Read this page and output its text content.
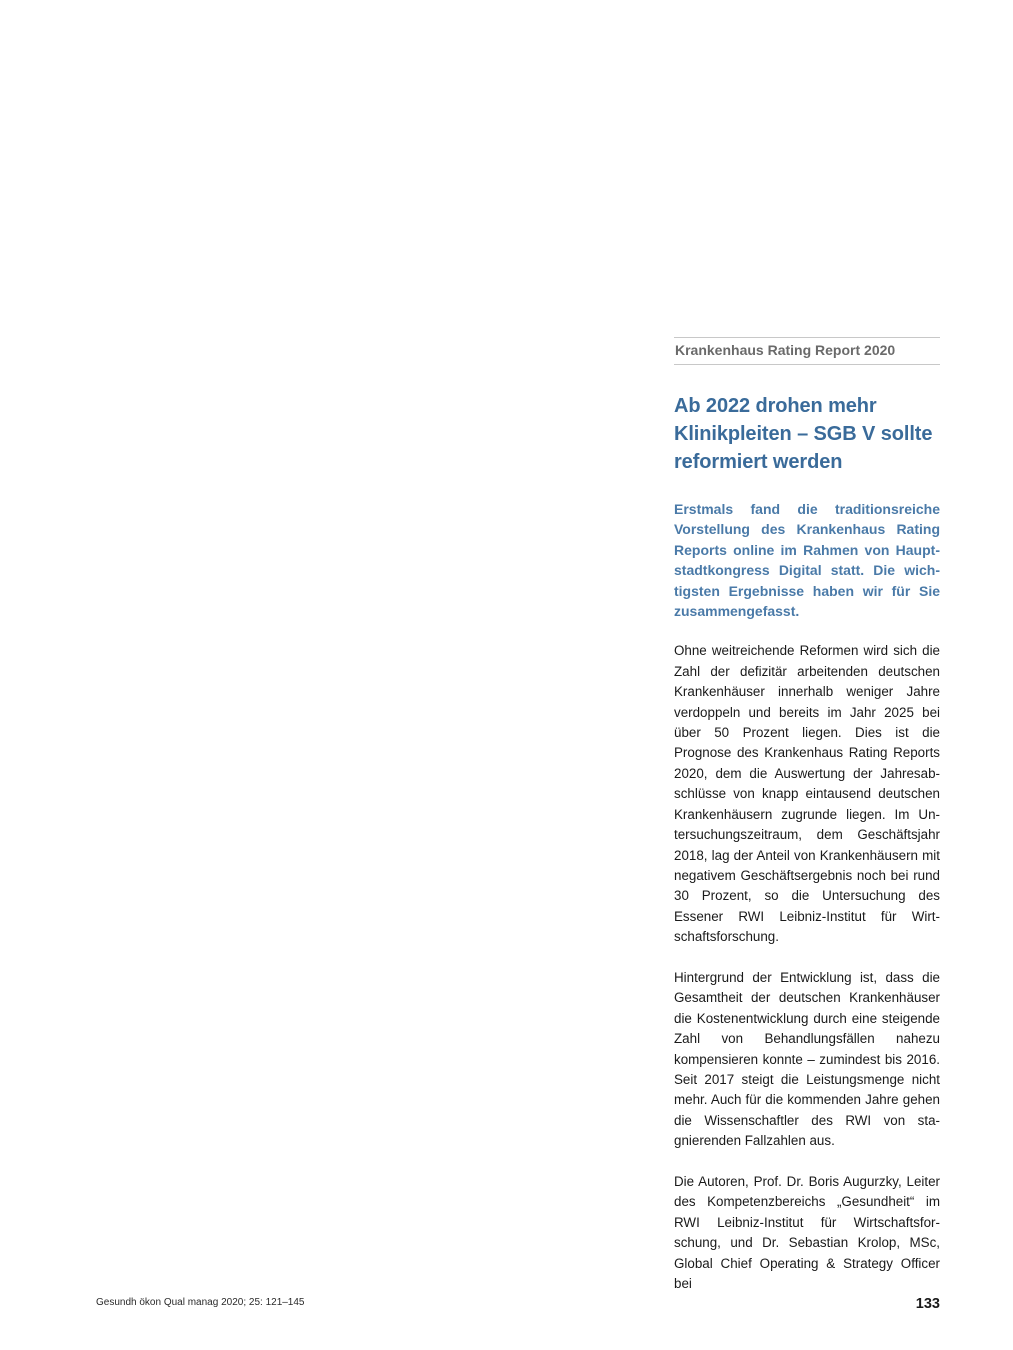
Krankenhaus Rating Report 2020
Ab 2022 drohen mehr Klinikpleiten – SGB V sollte reformiert werden
Erstmals fand die traditionsreiche Vorstellung des Krankenhaus Rating Reports online im Rahmen von Hauptstadtkongress Digital statt. Die wichtigsten Ergebnisse haben wir für Sie zusammengefasst.

Ohne weitreichende Reformen wird sich die Zahl der defizitär arbeitenden deutschen Krankenhäuser innerhalb weniger Jahre verdoppeln und bereits im Jahr 2025 bei über 50 Prozent liegen. Dies ist die Prognose des Krankenhaus Rating Reports 2020, dem die Auswertung der Jahresabschlüsse von knapp eintausend deutschen Krankenhäusern zugrunde liegen. Im Untersuchungszeitraum, dem Geschäftsjahr 2018, lag der Anteil von Krankenhäusern mit negativem Geschäftsergebnis noch bei rund 30 Prozent, so die Untersuchung des Essener RWI Leibniz-Institut für Wirtschaftsforschung.

Hintergrund der Entwicklung ist, dass die Gesamtheit der deutschen Krankenhäuser die Kostenentwicklung durch eine steigende Zahl von Behandlungsfällen nahezu kompensieren konnte – zumindest bis 2016. Seit 2017 steigt die Leistungsmenge nicht mehr. Auch für die kommenden Jahre gehen die Wissenschaftler des RWI von stagnierenden Fallzahlen aus.

Die Autoren, Prof. Dr. Boris Augurzky, Leiter des Kompetenzbereichs „Gesundheit“ im RWI Leibniz-Institut für Wirtschaftsforschung, und Dr. Sebastian Krolop, MSc, Global Chief Operating & Strategy Officer bei

Gesundh ökon Qual manag 2020; 25: 121–145	133
